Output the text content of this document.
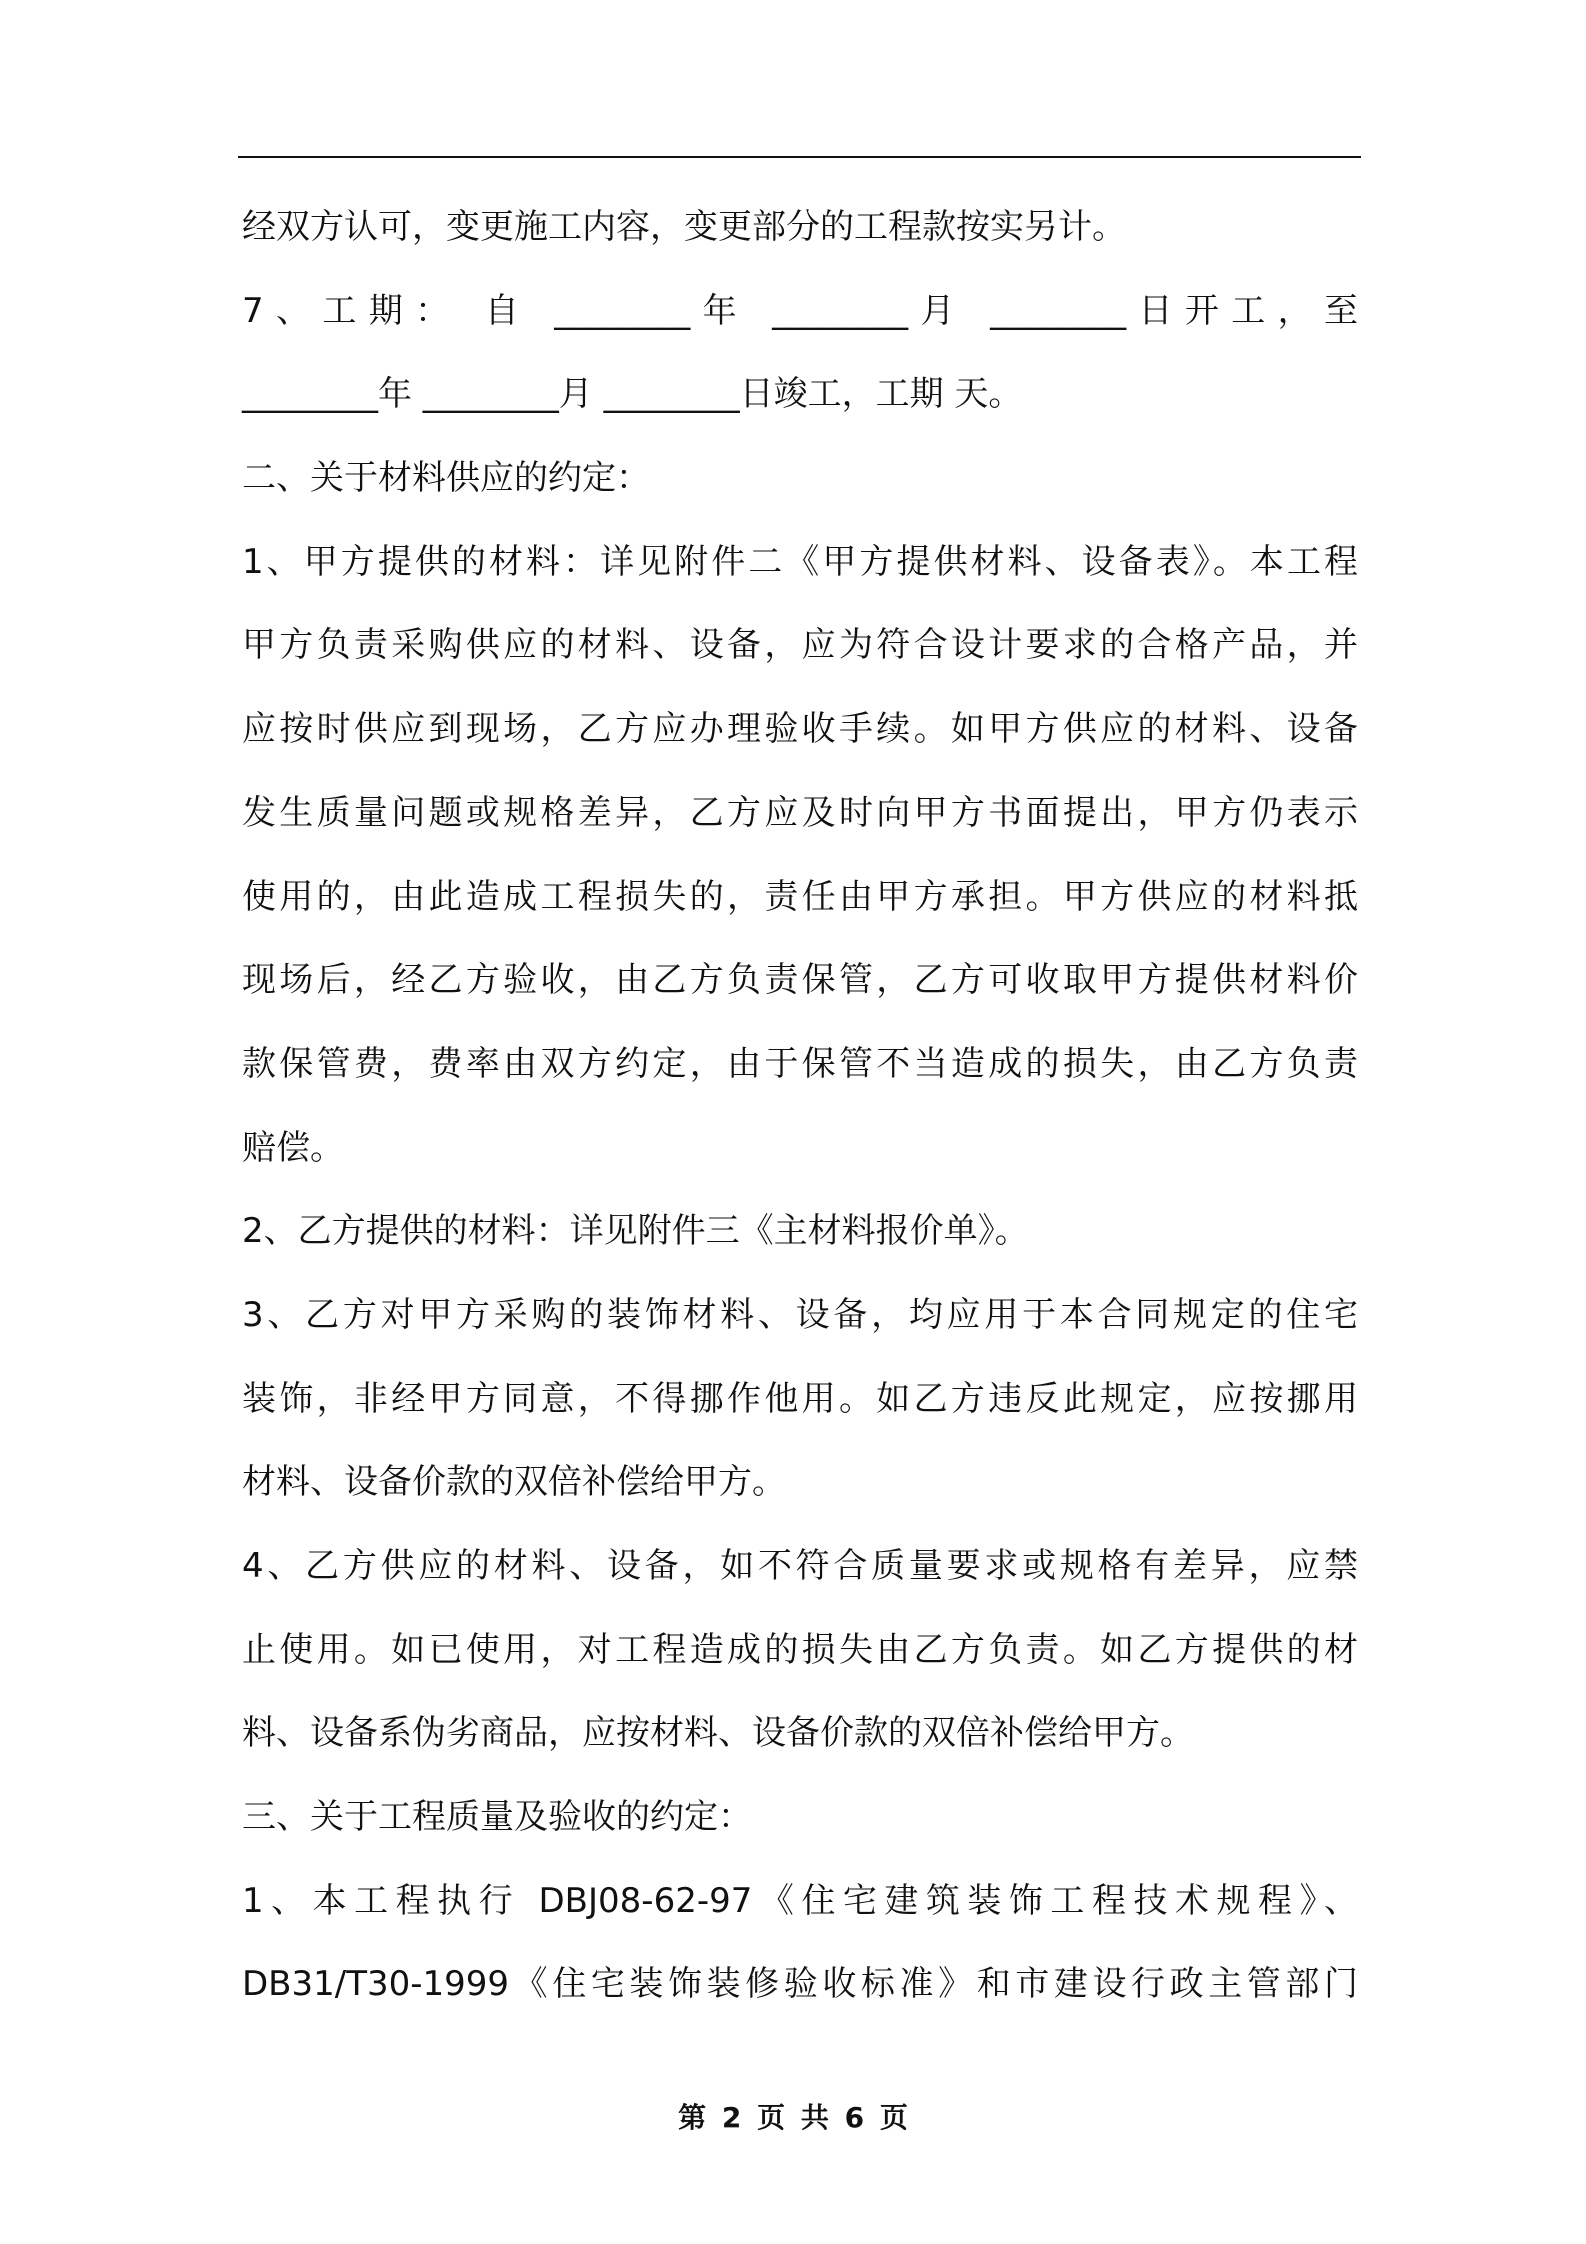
经双方认可，变更施工内容，变更部分的工程款按实另计。
7、工期： 自 ________年 ________月 ________日开工，至
________年 ________月 ________日竣工，工期 天。
二、关于材料供应的约定：
1、甲方提供的材料：详见附件二《甲方提供材料、设备表》。本工程
甲方负责采购供应的材料、设备，应为符合设计要求的合格产品，并
应按时供应到现场，乙方应办理验收手续。如甲方供应的材料、设备
发生质量问题或规格差异，乙方应及时向甲方书面提出，甲方仍表示
使用的，由此造成工程损失的，责任由甲方承担。甲方供应的材料抵
现场后，经乙方验收，由乙方负责保管，乙方可收取甲方提供材料价
款保管费，费率由双方约定，由于保管不当造成的损失，由乙方负责
赔偿。
2、乙方提供的材料：详见附件三《主材料报价单》。
3、乙方对甲方采购的装饰材料、设备，均应用于本合同规定的住宅
装饰，非经甲方同意，不得挪作他用。如乙方违反此规定，应按挪用
材料、设备价款的双倍补偿给甲方。
4、乙方供应的材料、设备，如不符合质量要求或规格有差异，应禁
止使用。如已使用，对工程造成的损失由乙方负责。如乙方提供的材
料、设备系伪劣商品，应按材料、设备价款的双倍补偿给甲方。
三、关于工程质量及验收的约定：
1、本工程执行 DBJ08-62-97《住宅建筑装饰工程技术规程》、
DB31/T30-1999《住宅装饰装修验收标准》和市建设行政主管部门
第 2 页 共 6 页
